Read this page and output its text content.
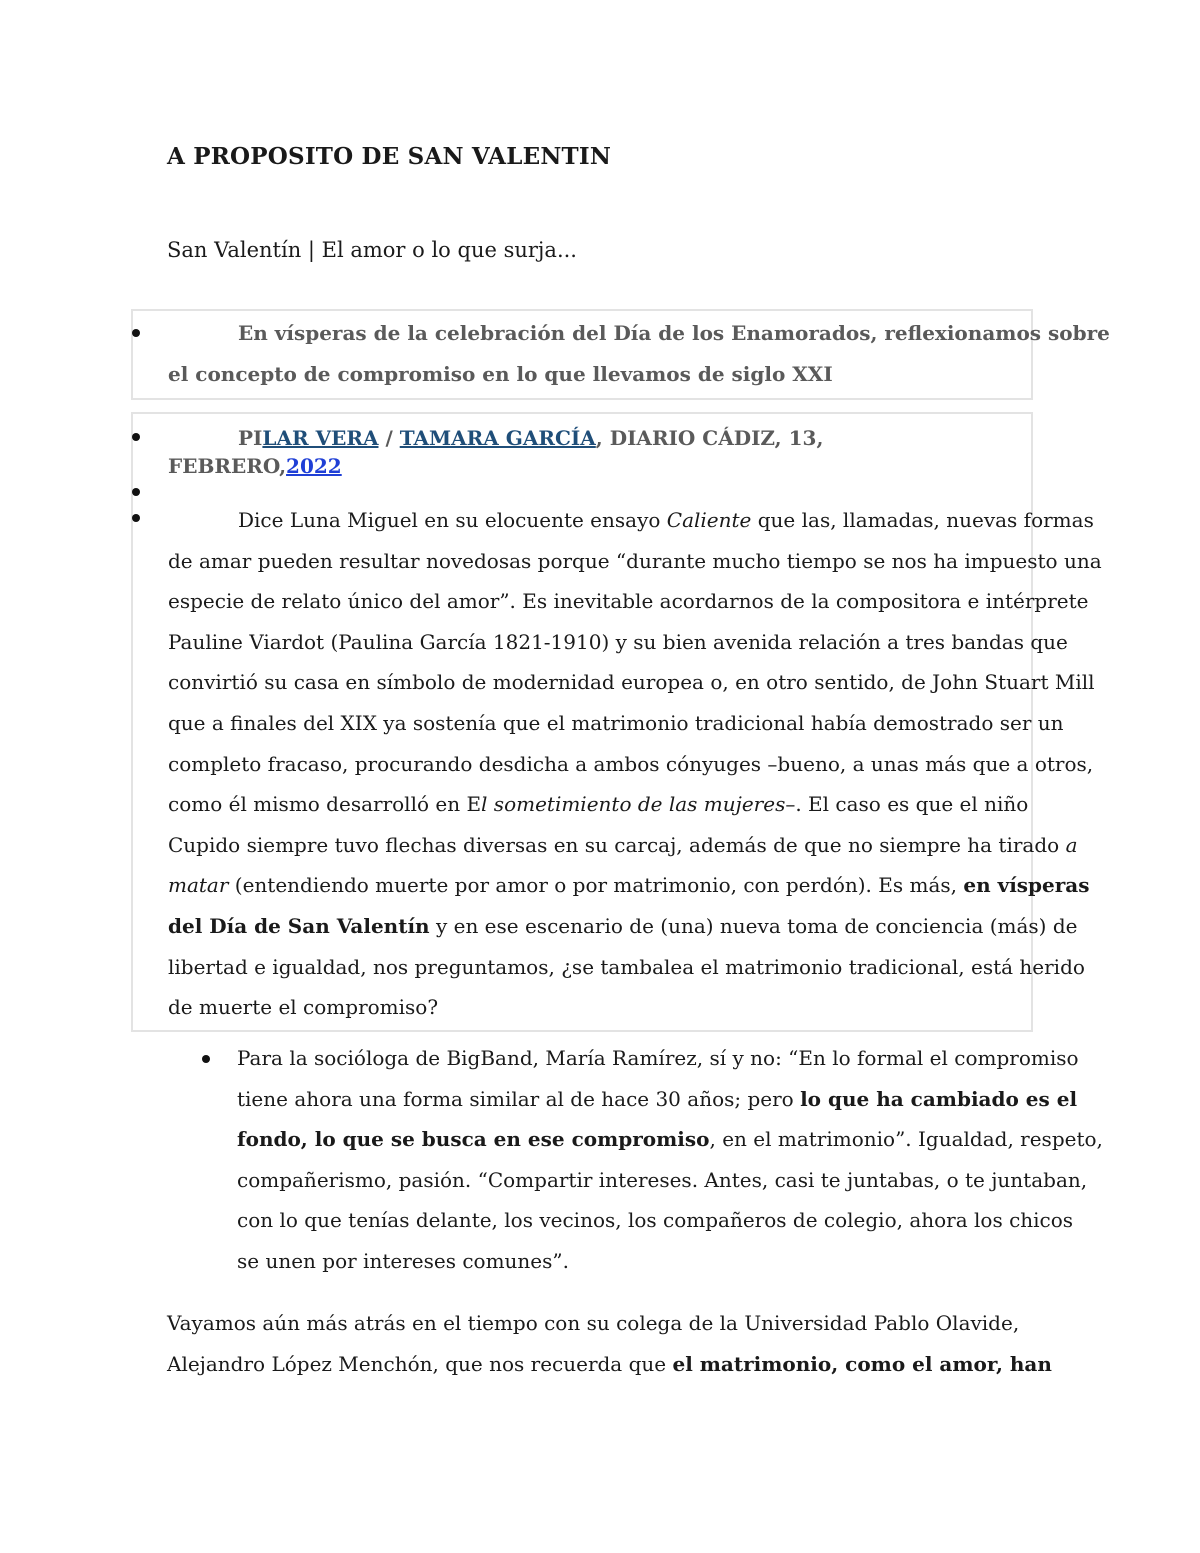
A PROPOSITO DE SAN VALENTIN
San Valentín | El amor o lo que surja...
En vísperas de la celebración del Día de los Enamorados, reflexionamos sobre
el concepto de compromiso en lo que llevamos de siglo XXI
PILAR VERA / TAMARA GARCÍA, DIARIO CÁDIZ, 13,
FEBRERO,2022
Dice Luna Miguel en su elocuente ensayo Caliente que las, llamadas, nuevas formas
de amar pueden resultar novedosas porque “durante mucho tiempo se nos ha impuesto una
especie de relato único del amor”. Es inevitable acordarnos de la compositora e intérprete
Pauline Viardot (Paulina García 1821-1910) y su bien avenida relación a tres bandas que
convirtió su casa en símbolo de modernidad europea o, en otro sentido, de John Stuart Mill
que a finales del XIX ya sostenía que el matrimonio tradicional había demostrado ser un
completo fracaso, procurando desdicha a ambos cónyuges –bueno, a unas más que a otros,
como él mismo desarrolló en El sometimiento de las mujeres–. El caso es que el niño
Cupido siempre tuvo flechas diversas en su carcaj, además de que no siempre ha tirado a
matar (entendiendo muerte por amor o por matrimonio, con perdón). Es más, en vísperas
del Día de San Valentín y en ese escenario de (una) nueva toma de conciencia (más) de
libertad e igualdad, nos preguntamos, ¿se tambalea el matrimonio tradicional, está herido
de muerte el compromiso?
Para la socióloga de BigBand, María Ramírez, sí y no: “En lo formal el compromiso
tiene ahora una forma similar al de hace 30 años; pero lo que ha cambiado es el
fondo, lo que se busca en ese compromiso, en el matrimonio”. Igualdad, respeto,
compañerismo, pasión. “Compartir intereses. Antes, casi te juntabas, o te juntaban,
con lo que tenías delante, los vecinos, los compañeros de colegio, ahora los chicos
se unen por intereses comunes”.
Vayamos aún más atrás en el tiempo con su colega de la Universidad Pablo Olavide,
Alejandro López Menchón, que nos recuerda que el matrimonio, como el amor, han
